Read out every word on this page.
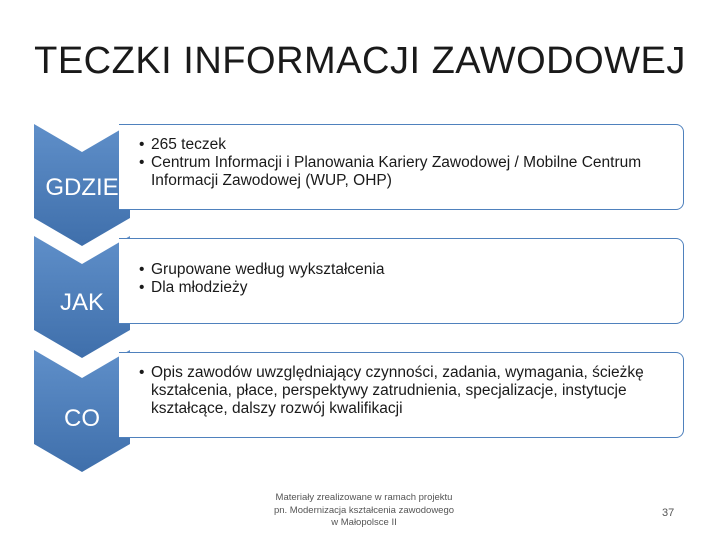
TECZKI INFORMACJI ZAWODOWEJ
GDZIE
• 265 teczek
• Centrum Informacji i Planowania Kariery Zawodowej / Mobilne Centrum Informacji Zawodowej (WUP, OHP)
JAK
• Grupowane według wykształcenia
• Dla młodzieży
CO
• Opis zawodów uwzględniający czynności, zadania, wymagania, ścieżkę kształcenia, płace, perspektywy zatrudnienia, specjalizacje, instytucje kształcące, dalszy rozwój kwalifikacji
Materiały zrealizowane w ramach projektu
pn. Modernizacja kształcenia zawodowego
w Małopolsce II
37
